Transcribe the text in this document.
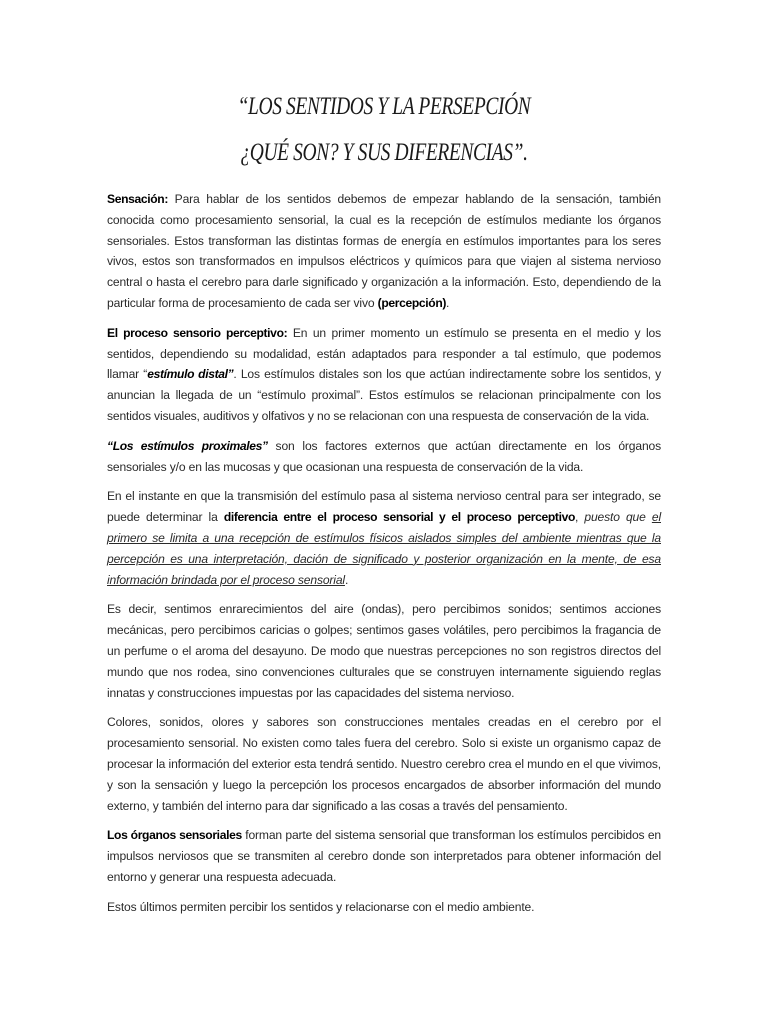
“LOS SENTIDOS Y LA PERSEPCIÓN
¿QUÉ SON? Y SUS DIFERENCIAS”.

Sensación: Para hablar de los sentidos debemos de empezar hablando de la sensación, también conocida como procesamiento sensorial, la cual es la recepción de estímulos mediante los órganos sensoriales. Estos transforman las distintas formas de energía en estímulos importantes para los seres vivos, estos son transformados en impulsos eléctricos y químicos para que viajen al sistema nervioso central o hasta el cerebro para darle significado y organización a la información. Esto, dependiendo de la particular forma de procesamiento de cada ser vivo (percepción).

El proceso sensorio perceptivo: En un primer momento un estímulo se presenta en el medio y los sentidos, dependiendo su modalidad, están adaptados para responder a tal estímulo, que podemos llamar “estímulo distal”. Los estímulos distales son los que actúan indirectamente sobre los sentidos, y anuncian la llegada de un “estímulo proximal”. Estos estímulos se relacionan principalmente con los sentidos visuales, auditivos y olfativos y no se relacionan con una respuesta de conservación de la vida.

“Los estímulos proximales” son los factores externos que actúan directamente en los órganos sensoriales y/o en las mucosas y que ocasionan una respuesta de conservación de la vida.

En el instante en que la transmisión del estímulo pasa al sistema nervioso central para ser integrado, se puede determinar la diferencia entre el proceso sensorial y el proceso perceptivo, puesto que el primero se limita a una recepción de estímulos físicos aislados simples del ambiente mientras que la percepción es una interpretación, dación de significado y posterior organización en la mente, de esa información brindada por el proceso sensorial.

Es decir, sentimos enrarecimientos del aire (ondas), pero percibimos sonidos; sentimos acciones mecánicas, pero percibimos caricias o golpes; sentimos gases volátiles, pero percibimos la fragancia de un perfume o el aroma del desayuno. De modo que nuestras percepciones no son registros directos del mundo que nos rodea, sino convenciones culturales que se construyen internamente siguiendo reglas innatas y construcciones impuestas por las capacidades del sistema nervioso.

Colores, sonidos, olores y sabores son construcciones mentales creadas en el cerebro por el procesamiento sensorial. No existen como tales fuera del cerebro. Solo si existe un organismo capaz de procesar la información del exterior esta tendrá sentido. Nuestro cerebro crea el mundo en el que vivimos, y son la sensación y luego la percepción los procesos encargados de absorber información del mundo externo, y también del interno para dar significado a las cosas a través del pensamiento.

Los órganos sensoriales forman parte del sistema sensorial que transforman los estímulos percibidos en impulsos nerviosos que se transmiten al cerebro donde son interpretados para obtener información del entorno y generar una respuesta adecuada.

Estos últimos permiten percibir los sentidos y relacionarse con el medio ambiente.
